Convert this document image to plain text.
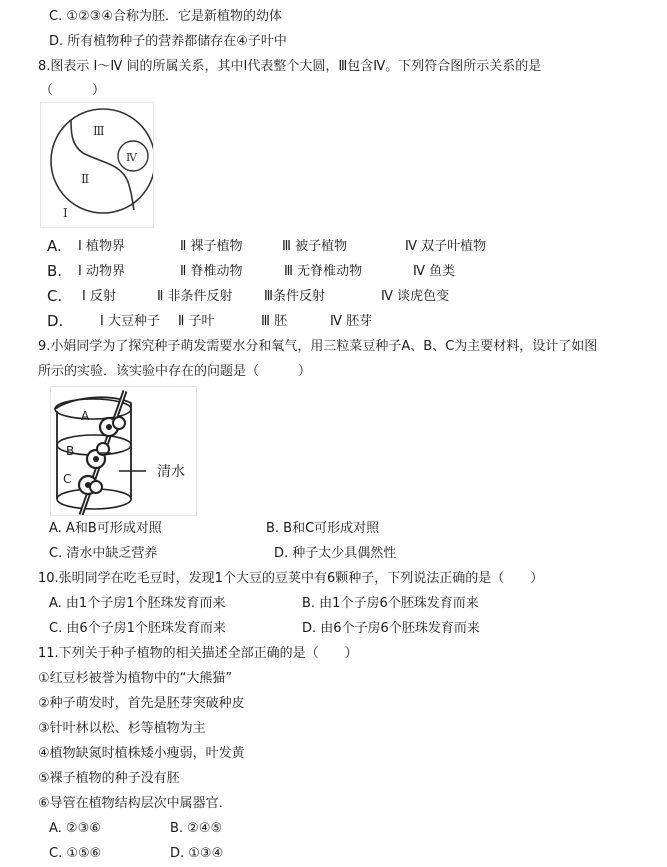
C. ①②③④合称为胚．它是新植物的幼体
D. 所有植物种子的营养都储存在④子叶中
8.图表示 Ⅰ～Ⅳ 间的所属关系，其中Ⅰ代表整个大圆，Ⅲ包含Ⅳ。下列符合图所示关系的是
（　　　）
Ⅲ
Ⅳ
Ⅱ
Ⅰ
A. Ⅰ 植物界	Ⅱ 裸子植物	Ⅲ 被子植物	Ⅳ 双子叶植物
B. Ⅰ 动物界	Ⅱ 脊椎动物	Ⅲ 无脊椎动物	Ⅳ 鱼类
C. Ⅰ 反射	Ⅱ 非条件反射 Ⅲ条件反射	Ⅳ 谈虎色变
D.	Ⅰ 大豆种子 Ⅱ 子叶	Ⅲ 胚	Ⅳ 胚芽
9.小娟同学为了探究种子萌发需要水分和氧气，用三粒菜豆种子A、B、C为主要材料，设计了如图
所示的实验．该实验中存在的问题是（　　　）
A
B
C	清水
A. A和B可形成对照	B. B和C可形成对照
C. 清水中缺乏营养	D. 种子太少具偶然性
10.张明同学在吃毛豆时，发现1个大豆的豆荚中有6颗种子，下列说法正确的是（　　）
A. 由1个子房1个胚珠发育而来	B. 由1个子房6个胚珠发育而来
C. 由6个子房1个胚珠发育而来	D. 由6个子房6个胚珠发育而来
11.下列关于种子植物的相关描述全部正确的是（　　）
①红豆杉被誉为植物中的“大熊猫”
②种子萌发时，首先是胚芽突破种皮
③针叶林以松、杉等植物为主
④植物缺氮时植株矮小瘦弱，叶发黄
⑤裸子植物的种子没有胚
⑥导管在植物结构层次中属器官．
A. ②③⑥	B. ②④⑤
C. ①⑤⑥	D. ①③④
